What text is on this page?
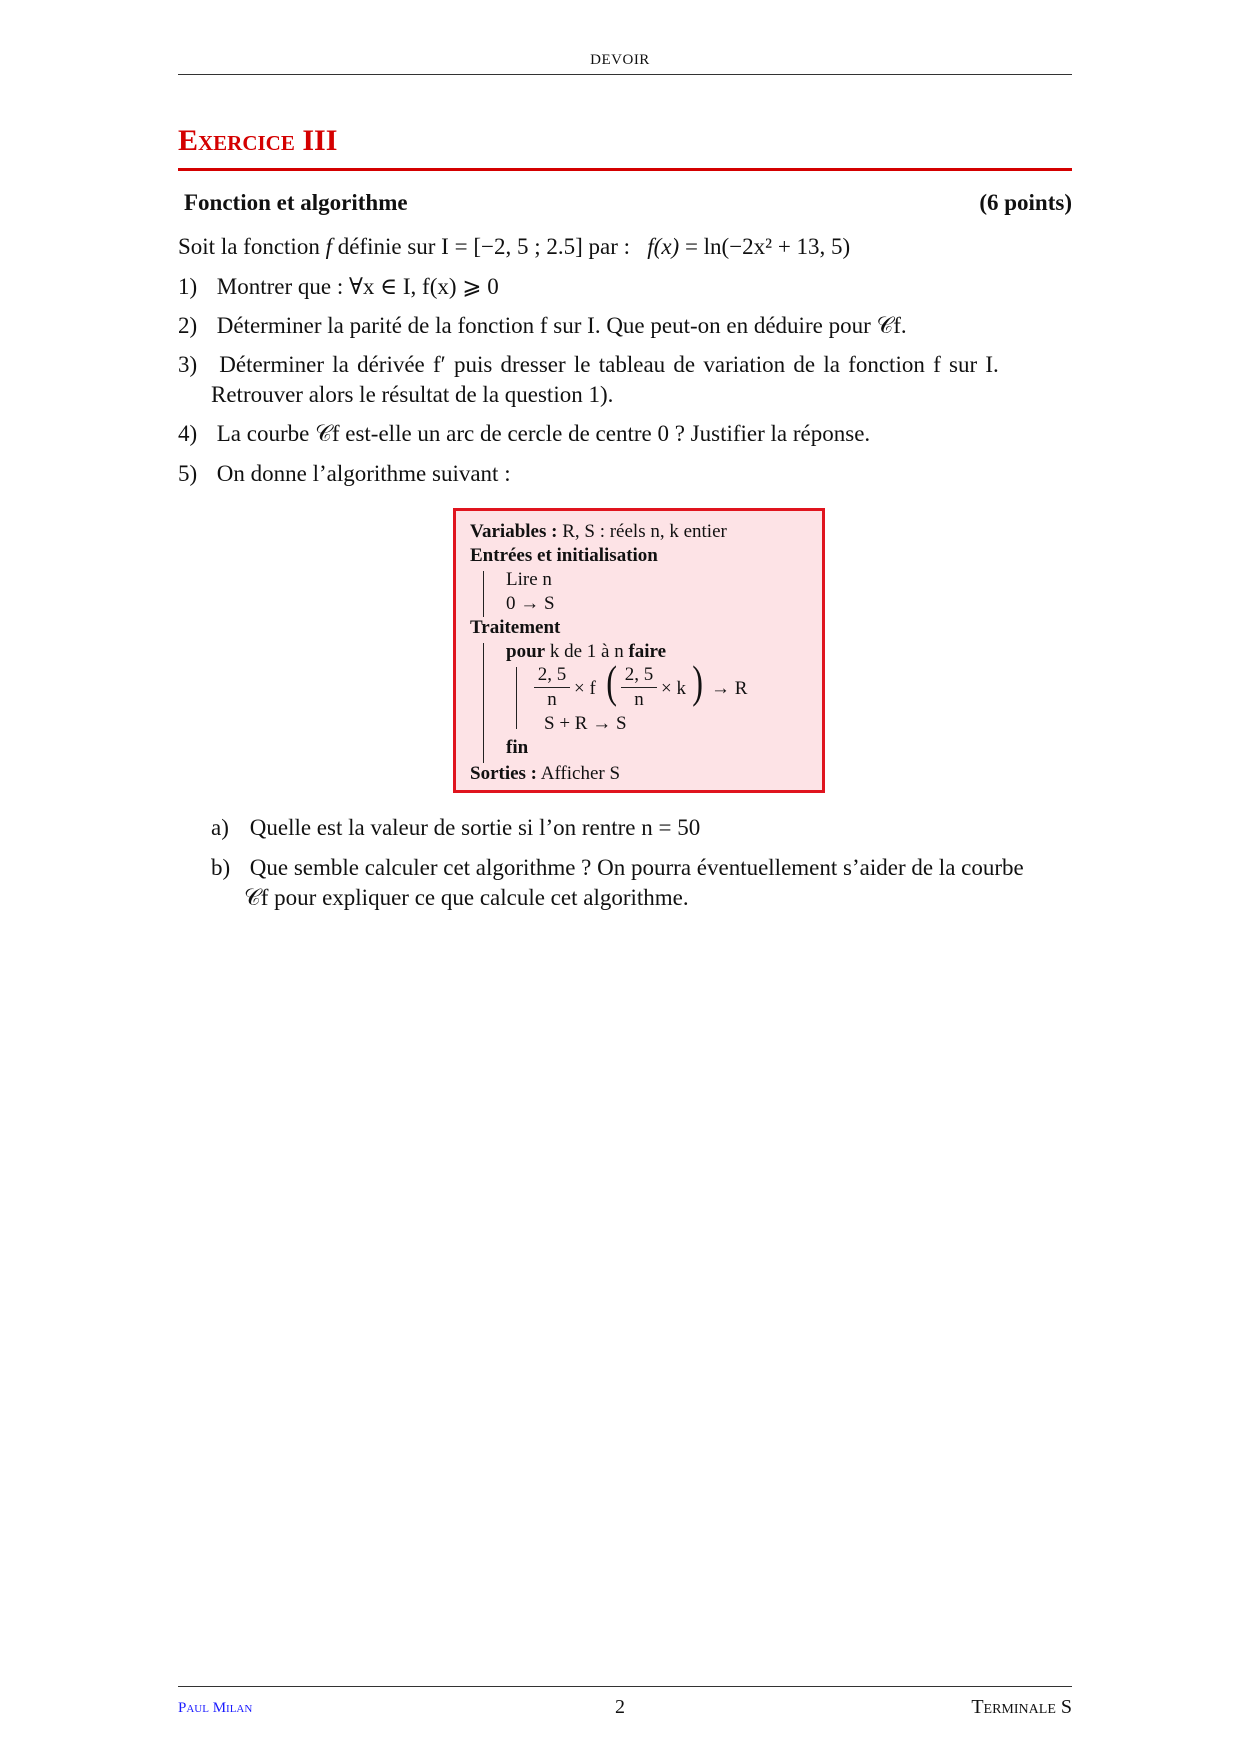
DEVOIR
Exercice III
Fonction et algorithme	(6 points)
Soit la fonction f définie sur I = [−2, 5 ; 2.5] par : f(x) = ln(−2x² + 13, 5)
1) Montrer que : ∀x ∈ I, f(x) ⩾ 0
2) Déterminer la parité de la fonction f sur I. Que peut-on en déduire pour 𝒞f.
3) Déterminer la dérivée f′ puis dresser le tableau de variation de la fonction f sur I.
Retrouver alors le résultat de la question 1).
4) La courbe 𝒞f est-elle un arc de cercle de centre 0 ? Justifier la réponse.
5) On donne l’algorithme suivant :
Variables : R, S : réels n, k entier
Entrées et initialisation
Lire n
0 → S
Traitement
pour k de 1 à n faire
2, 5
n
× f ( 2, 5
n
× k ) → R
S + R → S
fin
Sorties : Afficher S
a) Quelle est la valeur de sortie si l’on rentre n = 50
b) Que semble calculer cet algorithme ? On pourra éventuellement s’aider de la courbe
𝒞f pour expliquer ce que calcule cet algorithme.
Paul Milan	2	Terminale S
